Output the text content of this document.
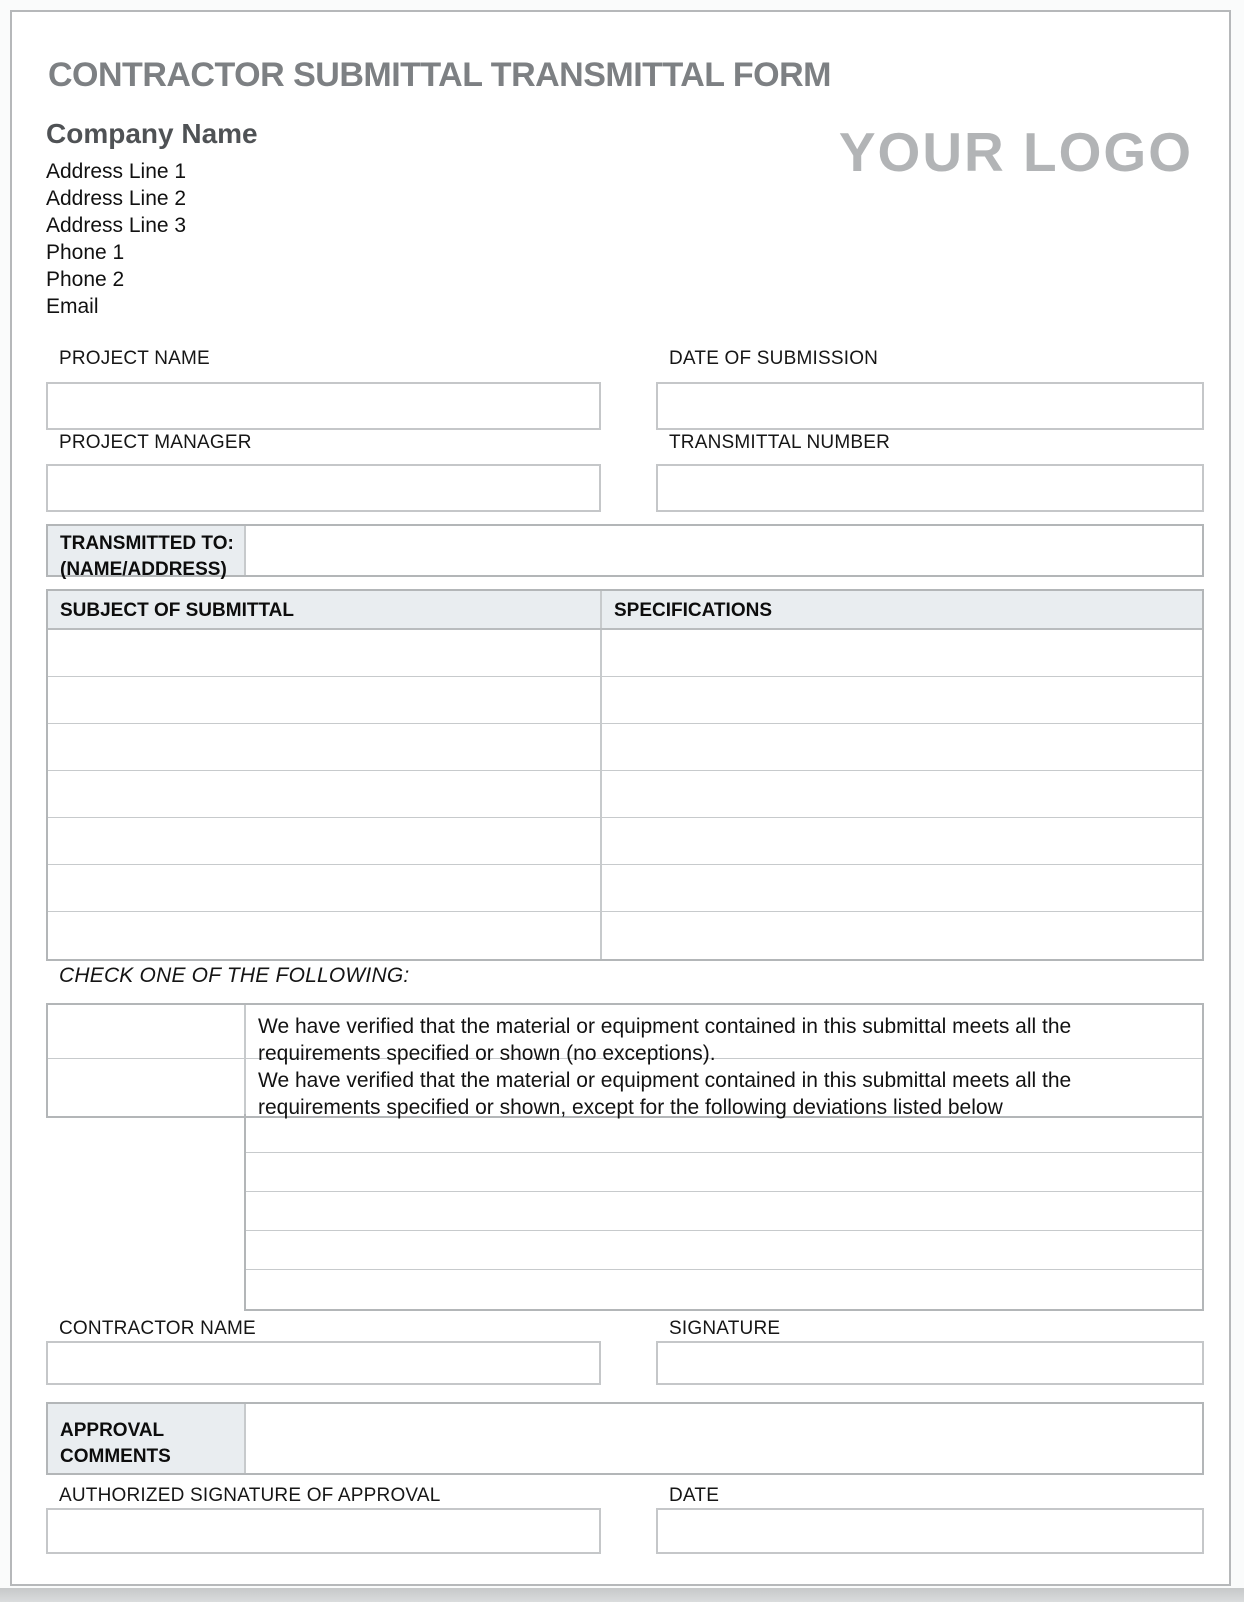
CONTRACTOR SUBMITTAL TRANSMITTAL FORM
Company Name
Address Line 1
Address Line 2
Address Line 3
Phone 1
Phone 2
Email
YOUR LOGO
PROJECT NAME	DATE OF SUBMISSION
PROJECT MANAGER	TRANSMITTAL NUMBER
TRANSMITTED TO:
(NAME/ADDRESS)
SUBJECT OF SUBMITTAL	SPECIFICATIONS
CHECK ONE OF THE FOLLOWING:
We have verified that the material or equipment contained in this submittal meets all the requirements specified or shown (no exceptions).
We have verified that the material or equipment contained in this submittal meets all the requirements specified or shown, except for the following deviations listed below
CONTRACTOR NAME	SIGNATURE
APPROVAL
COMMENTS
AUTHORIZED SIGNATURE OF APPROVAL	DATE
